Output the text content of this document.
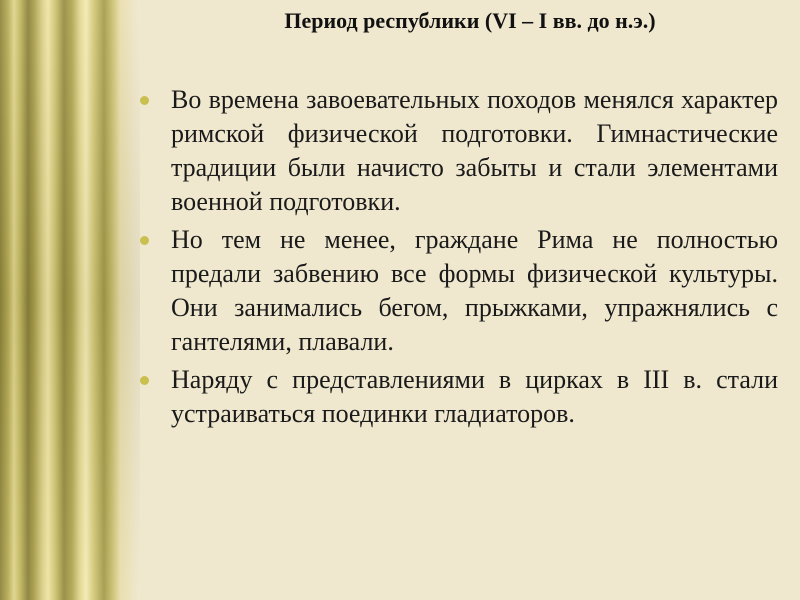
Период республики (VI – I вв. до н.э.)
Во времена завоевательных походов менялся характер римской физической подготовки. Гимнастические традиции были начисто забыты и стали элементами военной подготовки.
Но тем не менее, граждане Рима не полностью предали забвению все формы физической культуры. Они занимались бегом, прыжками, упражнялись с гантелями, плавали.
Наряду с представлениями в цирках в III в. стали устраиваться поединки гладиаторов.
